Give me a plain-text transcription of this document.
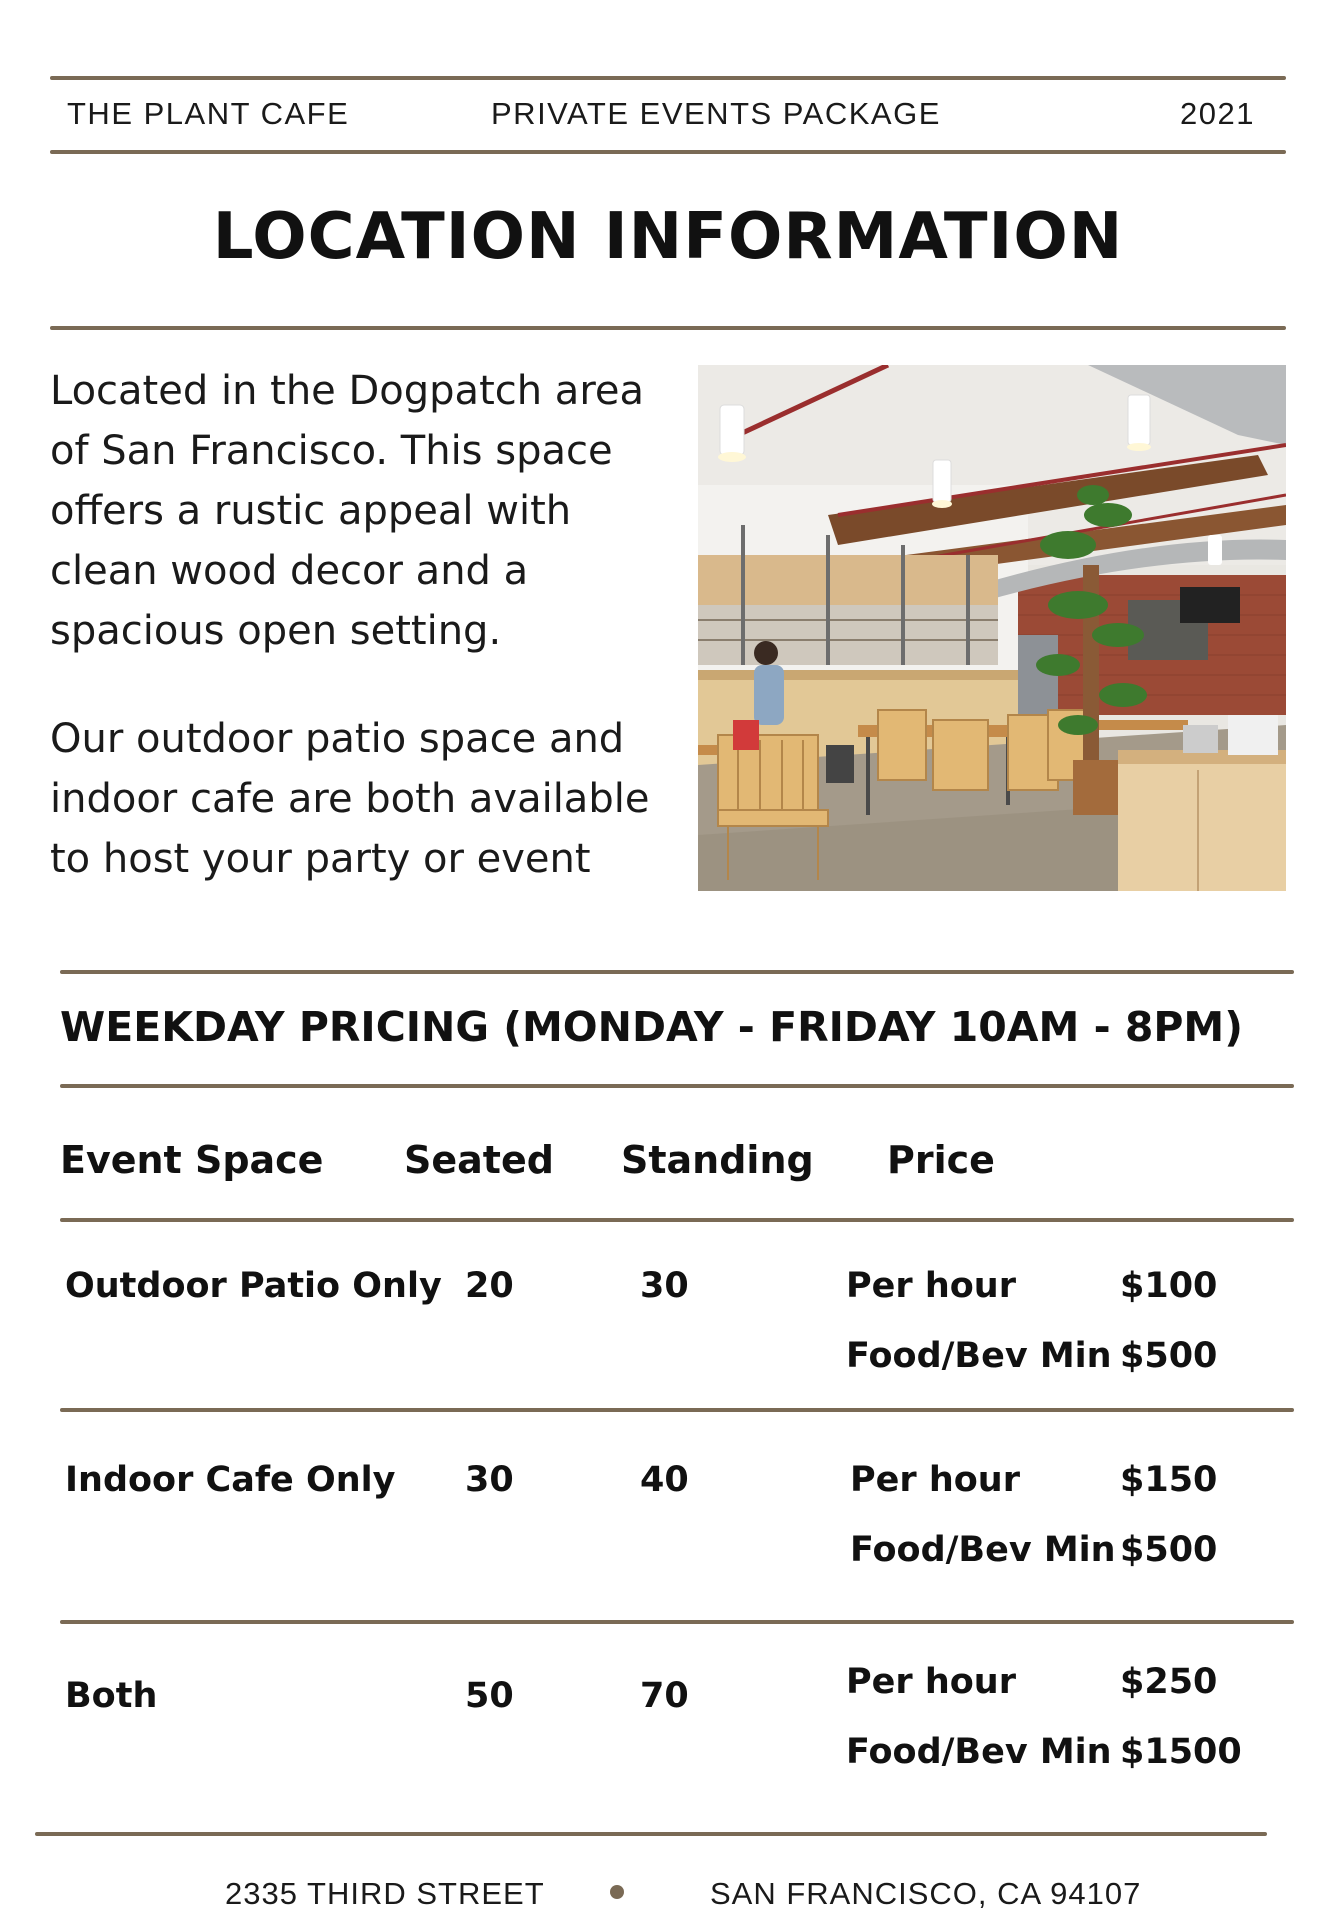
THE PLANT CAFE	PRIVATE EVENTS PACKAGE	2021
LOCATION INFORMATION
Located in the Dogpatch area
of San Francisco. This space
offers a rustic appeal with
clean wood decor and a
spacious open setting.
Our outdoor patio space and
indoor cafe are both available
to host your party or event
WEEKDAY PRICING (MONDAY - FRIDAY 10AM - 8PM)
Event Space Seated Standing Price
Outdoor Patio Only 20	30	Per hour	$100
Food/Bev Min $500
Indoor Cafe Only 30	40	Per hour	$150
Food/Bev Min $500
Both	50	70	Per hour	$250
Food/Bev Min $1500
2335 THIRD STREET	SAN FRANCISCO, CA 94107
